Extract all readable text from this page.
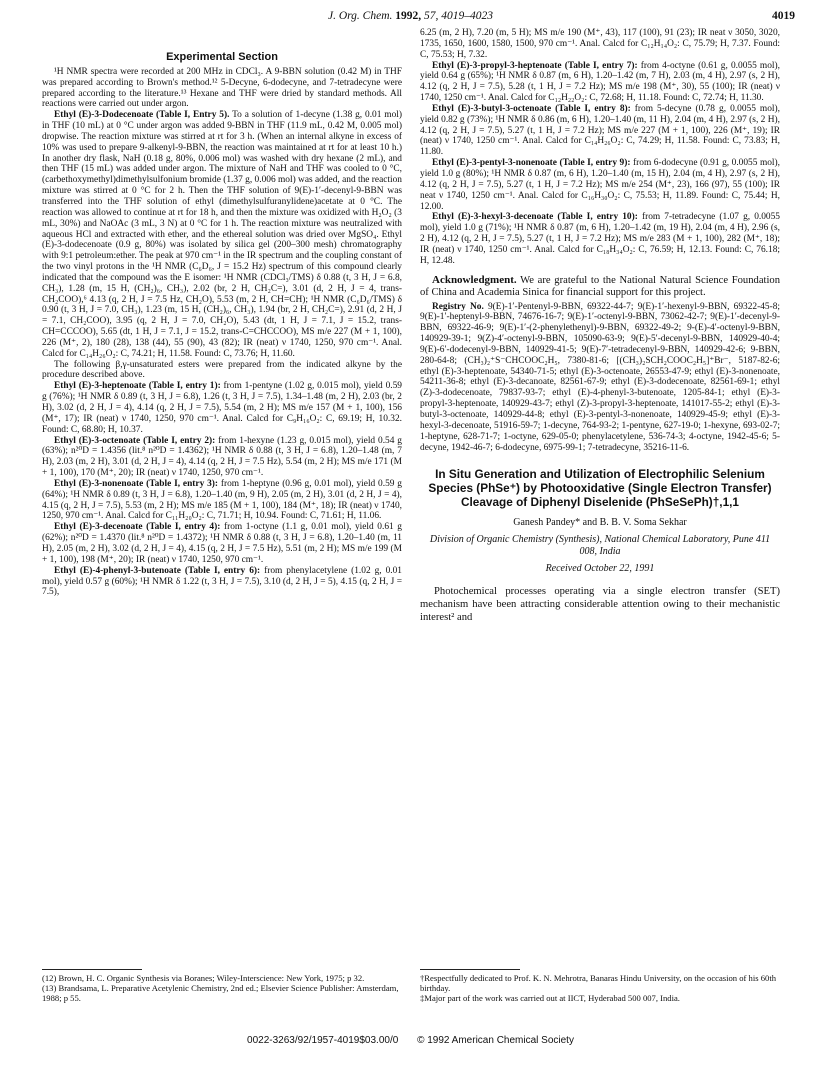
J. Org. Chem. 1992, 57, 4019–4023	4019
Experimental Section

¹H NMR spectra were recorded at 200 MHz in CDCl₃. A 9-BBN solution (0.42 M) in THF was prepared according to Brown's method.¹² 5-Decyne, 6-dodecyne, and 7-tetradecyne were prepared according to the literature.¹³ Hexane and THF were dried by standard methods. All reactions were carried out under argon.

Ethyl (E)-3-Dodecenoate (Table I, Entry 5). To a solution of 1-decyne (1.38 g, 0.01 mol) in THF (10 mL) at 0 °C under argon was added 9-BBN in THF (11.9 mL, 0.42 M, 0.005 mol) dropwise. The reaction mixture was stirred at rt for 3 h. (When an internal alkyne in excess of 10% was used to prepare 9-alkenyl-9-BBN, the reaction was maintained at rt for at least 10 h.) In another dry flask, NaH (0.18 g, 80%, 0.006 mol) was washed with dry hexane (2 mL), and then THF (15 mL) was added under argon. The mixture of NaH and THF was cooled to 0 °C, (carbethoxymethyl)dimethylsulfonium bromide (1.37 g, 0.006 mol) was added, and the reaction mixture was stirred at 0 °C for 2 h. Then the THF solution of 9(E)-1′-decenyl-9-BBN was transferred into the THF solution of ethyl (dimethylsulfuranylidene)acetate at 0 °C. The reaction was allowed to continue at rt for 18 h, and then the mixture was oxidized with H₂O₂ (3 mL, 30%) and NaOAc (3 mL, 3 N) at 0 °C for 1 h. The reaction mixture was neutralized with aqueous HCl and extracted with ether, and the ethereal solution was dried over MgSO₄. Ethyl (E)-3-dodecenoate (0.9 g, 80%) was isolated by silica gel (200–300 mesh) chromatography with 9:1 petroleum:ether. The peak at 970 cm⁻¹ in the IR spectrum and the coupling constant of the two vinyl protons in the ¹H NMR (C₆D₆, J = 15.2 Hz) spectrum of this compound clearly indicated that the compound was the E isomer: ¹H NMR (CDCl₃/TMS) δ 0.88 (t, 3 H, J = 6.8, CH₃), 1.28 (m, 15 H, (CH₂)₆, CH₃), 2.02 (br, 2 H, CH₂C=), 3.01 (d, 2 H, J = 4, trans-CH₂COO),⁶ 4.13 (q, 2 H, J = 7.5 Hz, CH₂O), 5.53 (m, 2 H, CH=CH); ¹H NMR (C₆D₆/TMS) δ 0.90 (t, 3 H, J = 7.0, CH₃), 1.23 (m, 15 H, (CH₂)₆, CH₃), 1.94 (br, 2 H, CH₂C=), 2.91 (d, 2 H, J = 7.1, CH₂COO), 3.95 (q, 2 H, J = 7.0, CH₂O), 5.43 (dt, 1 H, J = 7.1, J = 15.2, trans-CH=CCCOO), 5.65 (dt, 1 H, J = 7.1, J = 15.2, trans-C=CHCCOO), MS m/e 227 (M + 1, 100), 226 (M⁺, 2), 180 (28), 138 (44), 55 (90), 43 (82); IR (neat) ν 1740, 1250, 970 cm⁻¹. Anal. Calcd for C₁₄H₂₆O₂: C, 74.21; H, 11.58. Found: C, 73.76; H, 11.60.

The following β,γ-unsaturated esters were prepared from the indicated alkyne by the procedure described above.

Ethyl (E)-3-heptenoate (Table I, entry 1): from 1-pentyne (1.02 g, 0.015 mol), yield 0.59 g (76%); ¹H NMR δ 0.89 (t, 3 H, J = 6.8), 1.26 (t, 3 H, J = 7.5), 1.34–1.48 (m, 2 H), 2.03 (br, 2 H), 3.02 (d, 2 H, J = 4), 4.14 (q, 2 H, J = 7.5), 5.54 (m, 2 H); MS m/e 157 (M + 1, 100), 156 (M⁺, 17); IR (neat) ν 1740, 1250, 970 cm⁻¹. Anal. Calcd for C₉H₁₆O₂: C, 69.19; H, 10.32. Found: C, 68.80; H, 10.37.

Ethyl (E)-3-octenoate (Table I, entry 2): from 1-hexyne (1.23 g, 0.015 mol), yield 0.54 g (63%); n²⁰D = 1.4356 (lit.⁸ n²⁰D = 1.4362); ¹H NMR δ 0.88 (t, 3 H, J = 6.8), 1.20–1.48 (m, 7 H), 2.03 (m, 2 H), 3.01 (d, 2 H, J = 4), 4.14 (q, 2 H, J = 7.5 Hz), 5.54 (m, 2 H); MS m/e 171 (M + 1, 100), 170 (M⁺, 20); IR (neat) ν 1740, 1250, 970 cm⁻¹.

Ethyl (E)-3-nonenoate (Table I, entry 3): from 1-heptyne (0.96 g, 0.01 mol), yield 0.59 g (64%); ¹H NMR δ 0.89 (t, 3 H, J = 6.8), 1.20–1.40 (m, 9 H), 2.05 (m, 2 H), 3.01 (d, 2 H, J = 4), 4.15 (q, 2 H, J = 7.5), 5.53 (m, 2 H); MS m/e 185 (M + 1, 100), 184 (M⁺, 18); IR (neat) ν 1740, 1250, 970 cm⁻¹. Anal. Calcd for C₁₁H₂₀O₂: C, 71.71; H, 10.94. Found: C, 71.61; H, 11.06.

Ethyl (E)-3-decenoate (Table I, entry 4): from 1-octyne (1.1 g, 0.01 mol), yield 0.61 g (62%); n²⁰D = 1.4370 (lit.⁸ n²⁰D = 1.4372); ¹H NMR δ 0.88 (t, 3 H, J = 6.8), 1.20–1.40 (m, 11 H), 2.05 (m, 2 H), 3.02 (d, 2 H, J = 4), 4.15 (q, 2 H, J = 7.5 Hz), 5.51 (m, 2 H); MS m/e 199 (M + 1, 100), 198 (M⁺, 20); IR (neat) ν 1740, 1250, 970 cm⁻¹.

Ethyl (E)-4-phenyl-3-butenoate (Table I, entry 6): from phenylacetylene (1.02 g, 0.01 mol), yield 0.57 g (60%); ¹H NMR δ 1.22 (t, 3 H, J = 7.5), 3.10 (d, 2 H, J = 5), 4.15 (q, 2 H, J = 7.5),

6.25 (m, 2 H), 7.20 (m, 5 H); MS m/e 190 (M⁺, 43), 117 (100), 91 (23); IR neat ν 3050, 3020, 1735, 1650, 1600, 1580, 1500, 970 cm⁻¹. Anal. Calcd for C₁₂H₁₄O₂: C, 75.79; H, 7.37. Found: C, 75.53; H, 7.32.

Ethyl (E)-3-propyl-3-heptenoate (Table I, entry 7): from 4-octyne (0.61 g, 0.0055 mol), yield 0.64 g (65%); ¹H NMR δ 0.87 (m, 6 H), 1.20–1.42 (m, 7 H), 2.03 (m, 4 H), 2.97 (s, 2 H), 4.12 (q, 2 H, J = 7.5), 5.28 (t, 1 H, J = 7.2 Hz); MS m/e 198 (M⁺, 30), 55 (100); IR (neat) ν 1740, 1250 cm⁻¹. Anal. Calcd for C₁₂H₂₂O₂: C, 72.68; H, 11.18. Found: C, 72.74; H, 11.30.

Ethyl (E)-3-butyl-3-octenoate (Table I, entry 8): from 5-decyne (0.78 g, 0.0055 mol), yield 0.82 g (73%); ¹H NMR δ 0.86 (m, 6 H), 1.20–1.40 (m, 11 H), 2.04 (m, 4 H), 2.97 (s, 2 H), 4.12 (q, 2 H, J = 7.5), 5.27 (t, 1 H, J = 7.2 Hz); MS m/e 227 (M + 1, 100), 226 (M⁺, 19); IR (neat) ν 1740, 1250 cm⁻¹. Anal. Calcd for C₁₄H₂₆O₂: C, 74.29; H, 11.58. Found: C, 73.83; H, 11.80.

Ethyl (E)-3-pentyl-3-nonenoate (Table I, entry 9): from 6-dodecyne (0.91 g, 0.0055 mol), yield 1.0 g (80%); ¹H NMR δ 0.87 (m, 6 H), 1.20–1.40 (m, 15 H), 2.04 (m, 4 H), 2.97 (s, 2 H), 4.12 (q, 2 H, J = 7.5), 5.27 (t, 1 H, J = 7.2 Hz); MS m/e 254 (M⁺, 23), 166 (97), 55 (100); IR neat ν 1740, 1250 cm⁻¹. Anal. Calcd for C₁₆H₃₀O₂: C, 75.53; H, 11.89. Found: C, 75.44; H, 12.00.

Ethyl (E)-3-hexyl-3-decenoate (Table I, entry 10): from 7-tetradecyne (1.07 g, 0.0055 mol), yield 1.0 g (71%); ¹H NMR δ 0.87 (m, 6 H), 1.20–1.42 (m, 19 H), 2.04 (m, 4 H), 2.96 (s, 2 H), 4.12 (q, 2 H, J = 7.5), 5.27 (t, 1 H, J = 7.2 Hz); MS m/e 283 (M + 1, 100), 282 (M⁺, 18); IR (neat) ν 1740, 1250 cm⁻¹. Anal. Calcd for C₁₈H₃₄O₂: C, 76.59; H, 12.13. Found: C, 76.18; H, 12.48.

Acknowledgment. We are grateful to the National Natural Science Foundation of China and Academia Sinica for financial support for this project.

Registry No. 9(E)-1′-Pentenyl-9-BBN, 69322-44-7; 9(E)-1′-hexenyl-9-BBN, 69322-45-8; 9(E)-1′-heptenyl-9-BBN, 74676-16-7; 9(E)-1′-octenyl-9-BBN, 73062-42-7; 9(E)-1′-decenyl-9-BBN, 69322-46-9; 9(E)-1′-(2-phenylethenyl)-9-BBN, 69322-49-2; 9-(E)-4′-octenyl-9-BBN, 140929-39-1; 9(Z)-4′-octenyl-9-BBN, 105090-63-9; 9(E)-5′-decenyl-9-BBN, 140929-40-4; 9(E)-6′-dodecenyl-9-BBN, 140929-41-5; 9(E)-7′-tetradecenyl-9-BBN, 140929-42-6; 9-BBN, 280-64-8; (CH₃)₂⁺S⁻CHCOOC₂H₅, 7380-81-6; [(CH₃)₂SCH₂COOC₂H₅]⁺Br⁻, 5187-82-6; ethyl (E)-3-heptenoate, 54340-71-5; ethyl (E)-3-octenoate, 26553-47-9; ethyl (E)-3-nonenoate, 54211-36-8; ethyl (E)-3-decanoate, 82561-67-9; ethyl (E)-3-dodecenoate, 82561-69-1; ethyl (Z)-3-dodecenoate, 79837-93-7; ethyl (E)-4-phenyl-3-butenoate, 1205-84-1; ethyl (E)-3-propyl-3-heptenoate, 140929-43-7; ethyl (Z)-3-propyl-3-heptenoate, 141017-55-2; ethyl (E)-3-butyl-3-octenoate, 140929-44-8; ethyl (E)-3-pentyl-3-nonenoate, 140929-45-9; ethyl (E)-3-hexyl-3-decenoate, 51916-59-7; 1-decyne, 764-93-2; 1-pentyne, 627-19-0; 1-hexyne, 693-02-7; 1-heptyne, 628-71-7; 1-octyne, 629-05-0; phenylacetylene, 536-74-3; 4-octyne, 1942-45-6; 5-decyne, 1942-46-7; 6-dodecyne, 6975-99-1; 7-tetradecyne, 35216-11-6.

In Situ Generation and Utilization of Electrophilic Selenium Species (PhSe⁺) by Photooxidative (Single Electron Transfer) Cleavage of Diphenyl Diselenide (PhSeSePh)†,1,1
Ganesh Pandey* and B. B. V. Soma Sekhar
Division of Organic Chemistry (Synthesis), National Chemical Laboratory, Pune 411 008, India
Received October 22, 1991
Photochemical processes operating via a single electron transfer (SET) mechanism have been attracting considerable attention owing to their mechanistic interest² and

(12) Brown, H. C. Organic Synthesis via Boranes; Wiley-Interscience: New York, 1975; p 32.

(13) Brandsama, L. Preparative Acetylenic Chemistry, 2nd ed.; Elsevier Science Publisher: Amsterdam, 1988; p 55.

†Respectfully dedicated to Prof. K. N. Mehrotra, Banaras Hindu University, on the occasion of his 60th birthday.

‡Major part of the work was carried out at IICT, Hyderabad 500 007, India.

0022-3263/92/1957-4019$03.00/0 © 1992 American Chemical Society
